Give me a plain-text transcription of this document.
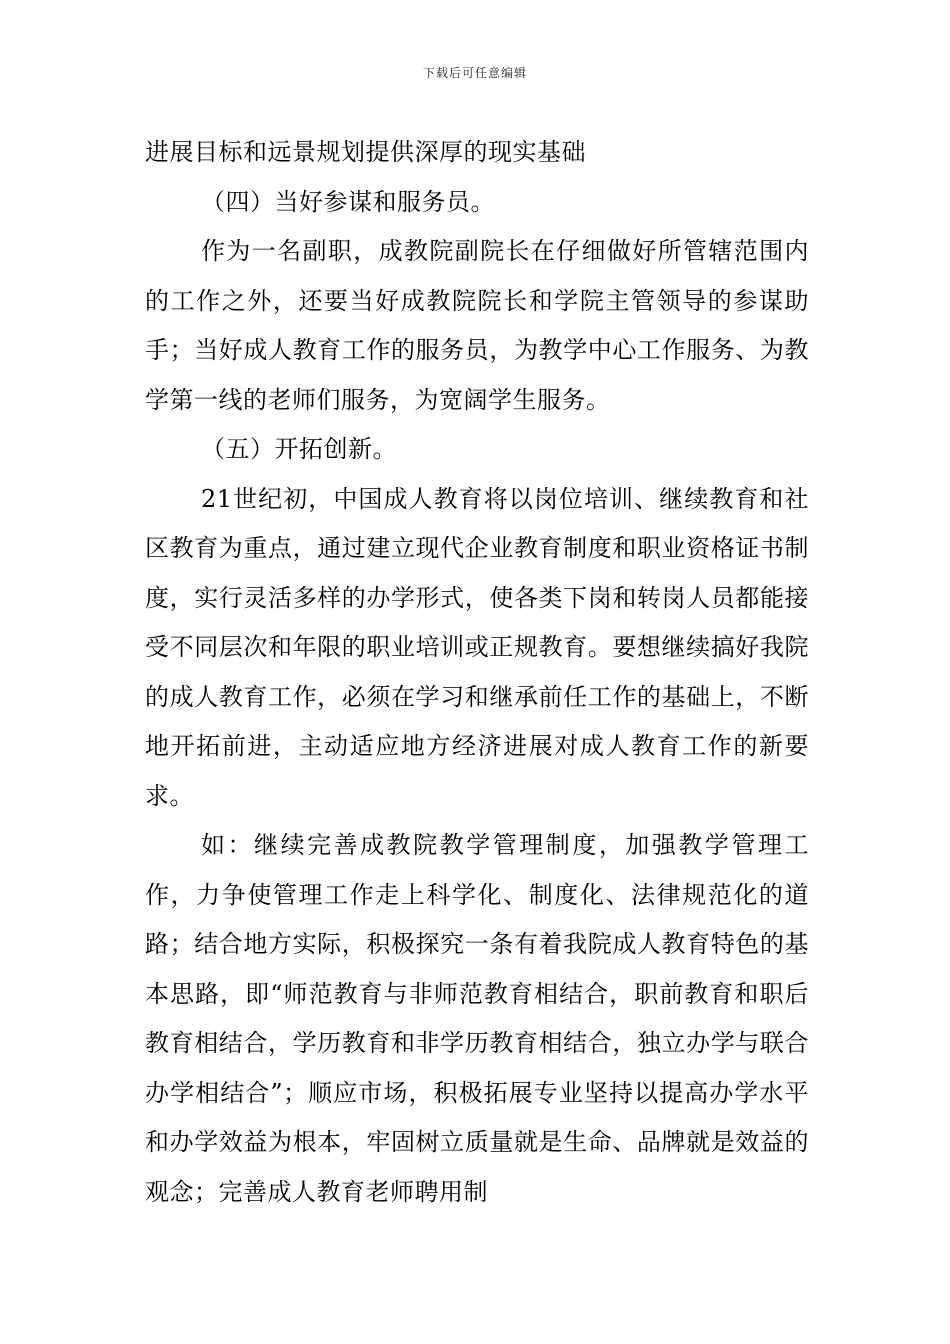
下载后可任意编辑

进展目标和远景规划提供深厚的现实基础

（四）当好参谋和服务员。

作为一名副职，成教院副院长在仔细做好所管辖范围内的工作之外，还要当好成教院院长和学院主管领导的参谋助手；当好成人教育工作的服务员，为教学中心工作服务、为教学第一线的老师们服务，为宽阔学生服务。

（五）开拓创新。

21世纪初，中国成人教育将以岗位培训、继续教育和社区教育为重点，通过建立现代企业教育制度和职业资格证书制度，实行灵活多样的办学形式，使各类下岗和转岗人员都能接受不同层次和年限的职业培训或正规教育。要想继续搞好我院的成人教育工作，必须在学习和继承前任工作的基础上，不断地开拓前进，主动适应地方经济进展对成人教育工作的新要求。

如：继续完善成教院教学管理制度，加强教学管理工作，力争使管理工作走上科学化、制度化、法律规范化的道路；结合地方实际，积极探究一条有着我院成人教育特色的基本思路，即“师范教育与非师范教育相结合，职前教育和职后教育相结合，学历教育和非学历教育相结合，独立办学与联合办学相结合”；顺应市场，积极拓展专业坚持以提高办学水平和办学效益为根本，牢固树立质量就是生命、品牌就是效益的观念；完善成人教育老师聘用制
